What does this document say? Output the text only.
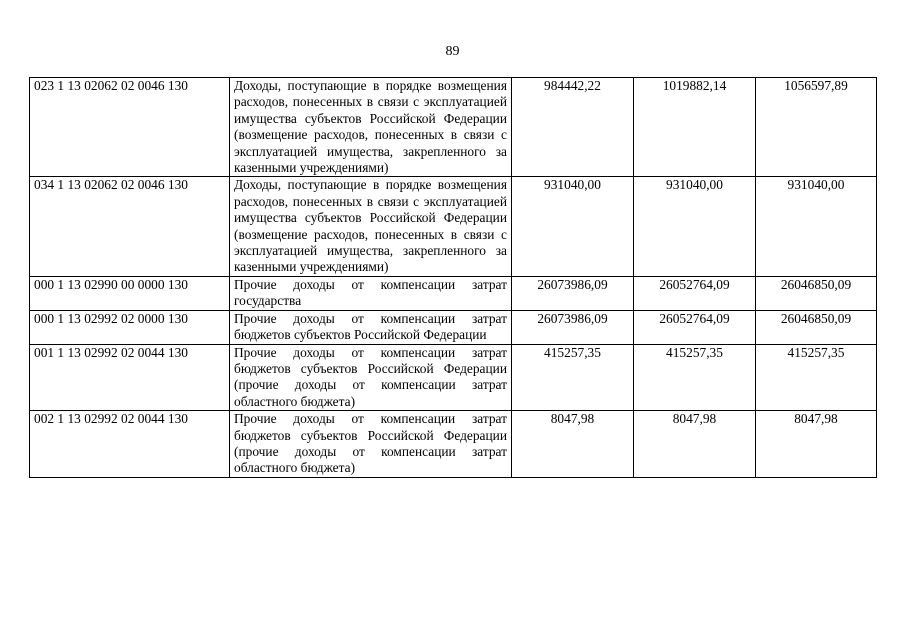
89
023 1 13 02062 02 0046 130	Доходы, поступающие в порядке возмещения расходов, понесенных в связи с эксплуатацией имущества субъектов Российской Федерации (возмещение расходов, понесенных в связи с эксплуатацией имущества, закрепленного за казенными учреждениями)	984442,22	1019882,14	1056597,89
034 1 13 02062 02 0046 130	Доходы, поступающие в порядке возмещения расходов, понесенных в связи с эксплуатацией имущества субъектов Российской Федерации (возмещение расходов, понесенных в связи с эксплуатацией имущества, закрепленного за казенными учреждениями)	931040,00	931040,00	931040,00
000 1 13 02990 00 0000 130	Прочие доходы от компенсации затрат государства	26073986,09	26052764,09	26046850,09
000 1 13 02992 02 0000 130	Прочие доходы от компенсации затрат бюджетов субъектов Российской Федерации	26073986,09	26052764,09	26046850,09
001 1 13 02992 02 0044 130	Прочие доходы от компенсации затрат бюджетов субъектов Российской Федерации (прочие доходы от компенсации затрат областного бюджета)	415257,35	415257,35	415257,35
002 1 13 02992 02 0044 130	Прочие доходы от компенсации затрат бюджетов субъектов Российской Федерации (прочие доходы от компенсации затрат областного бюджета)	8047,98	8047,98	8047,98
